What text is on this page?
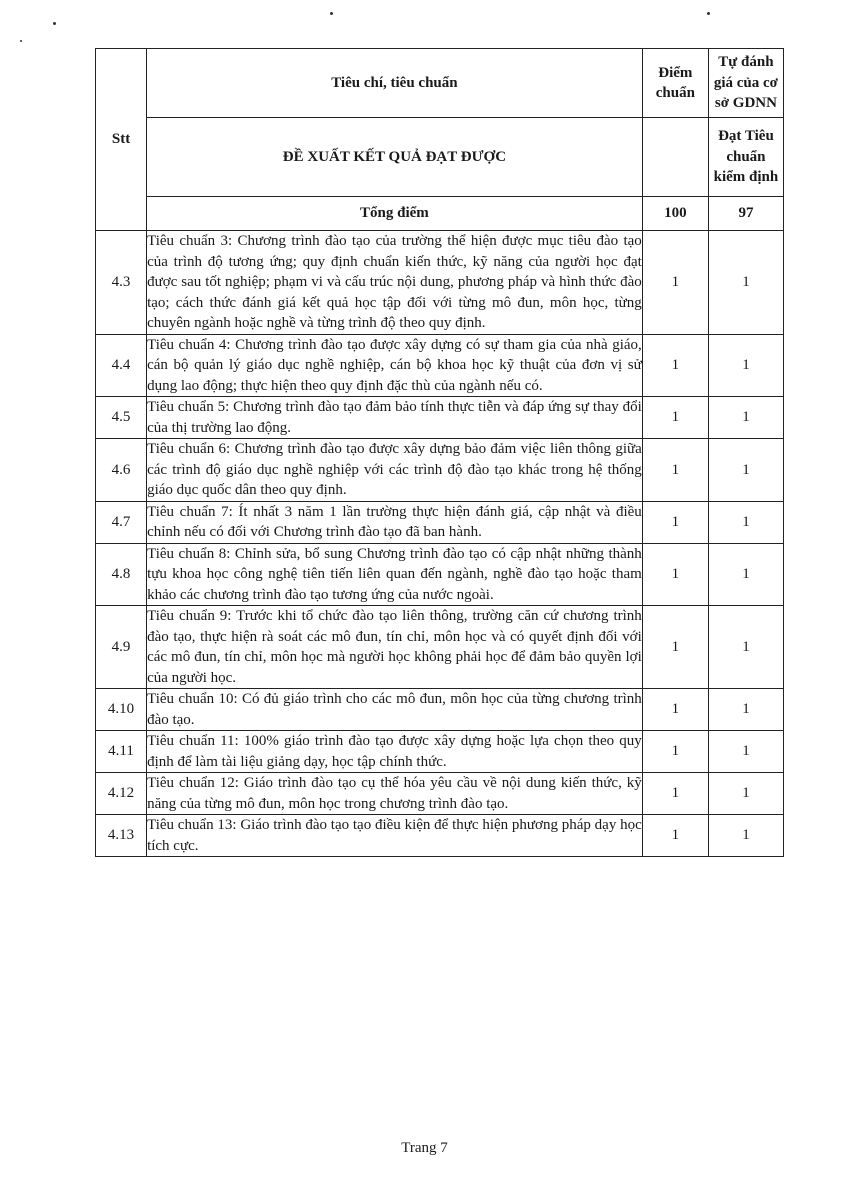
Stt	Tiêu chí, tiêu chuẩn	Điểm chuẩn	Tự đánh giá của cơ sở GDNN
	ĐỀ XUẤT KẾT QUẢ ĐẠT ĐƯỢC		Đạt Tiêu chuẩn kiểm định
	Tổng điểm	100	97
4.3	Tiêu chuẩn 3: Chương trình đào tạo của trường thể hiện được mục tiêu đào tạo của trình độ tương ứng; quy định chuẩn kiến thức, kỹ năng của người học đạt được sau tốt nghiệp; phạm vi và cấu trúc nội dung, phương pháp và hình thức đào tạo; cách thức đánh giá kết quả học tập đối với từng mô đun, môn học, từng chuyên ngành hoặc nghề và từng trình độ theo quy định.	1	1
4.4	Tiêu chuẩn 4: Chương trình đào tạo được xây dựng có sự tham gia của nhà giáo, cán bộ quản lý giáo dục nghề nghiệp, cán bộ khoa học kỹ thuật của đơn vị sử dụng lao động; thực hiện theo quy định đặc thù của ngành nếu có.	1	1
4.5	Tiêu chuẩn 5: Chương trình đào tạo đảm bảo tính thực tiễn và đáp ứng sự thay đổi của thị trường lao động.	1	1
4.6	Tiêu chuẩn 6: Chương trình đào tạo được xây dựng bảo đảm việc liên thông giữa các trình độ giáo dục nghề nghiệp với các trình độ đào tạo khác trong hệ thống giáo dục quốc dân theo quy định.	1	1
4.7	Tiêu chuẩn 7: Ít nhất 3 năm 1 lần trường thực hiện đánh giá, cập nhật và điều chỉnh nếu có đối với Chương trình đào tạo đã ban hành.	1	1
4.8	Tiêu chuẩn 8: Chỉnh sửa, bổ sung Chương trình đào tạo có cập nhật những thành tựu khoa học công nghệ tiên tiến liên quan đến ngành, nghề đào tạo hoặc tham khảo các chương trình đào tạo tương ứng của nước ngoài.	1	1
4.9	Tiêu chuẩn 9: Trước khi tổ chức đào tạo liên thông, trường căn cứ chương trình đào tạo, thực hiện rà soát các mô đun, tín chỉ, môn học và có quyết định đối với các mô đun, tín chỉ, môn học mà người học không phải học để đảm bảo quyền lợi của người học.	1	1
4.10	Tiêu chuẩn 10: Có đủ giáo trình cho các mô đun, môn học của từng chương trình đào tạo.	1	1
4.11	Tiêu chuẩn 11: 100% giáo trình đào tạo được xây dựng hoặc lựa chọn theo quy định để làm tài liệu giảng dạy, học tập chính thức.	1	1
4.12	Tiêu chuẩn 12: Giáo trình đào tạo cụ thể hóa yêu cầu về nội dung kiến thức, kỹ năng của từng mô đun, môn học trong chương trình đào tạo.	1	1
4.13	Tiêu chuẩn 13: Giáo trình đào tạo tạo điều kiện để thực hiện phương pháp dạy học tích cực.	1	1
Trang 7
